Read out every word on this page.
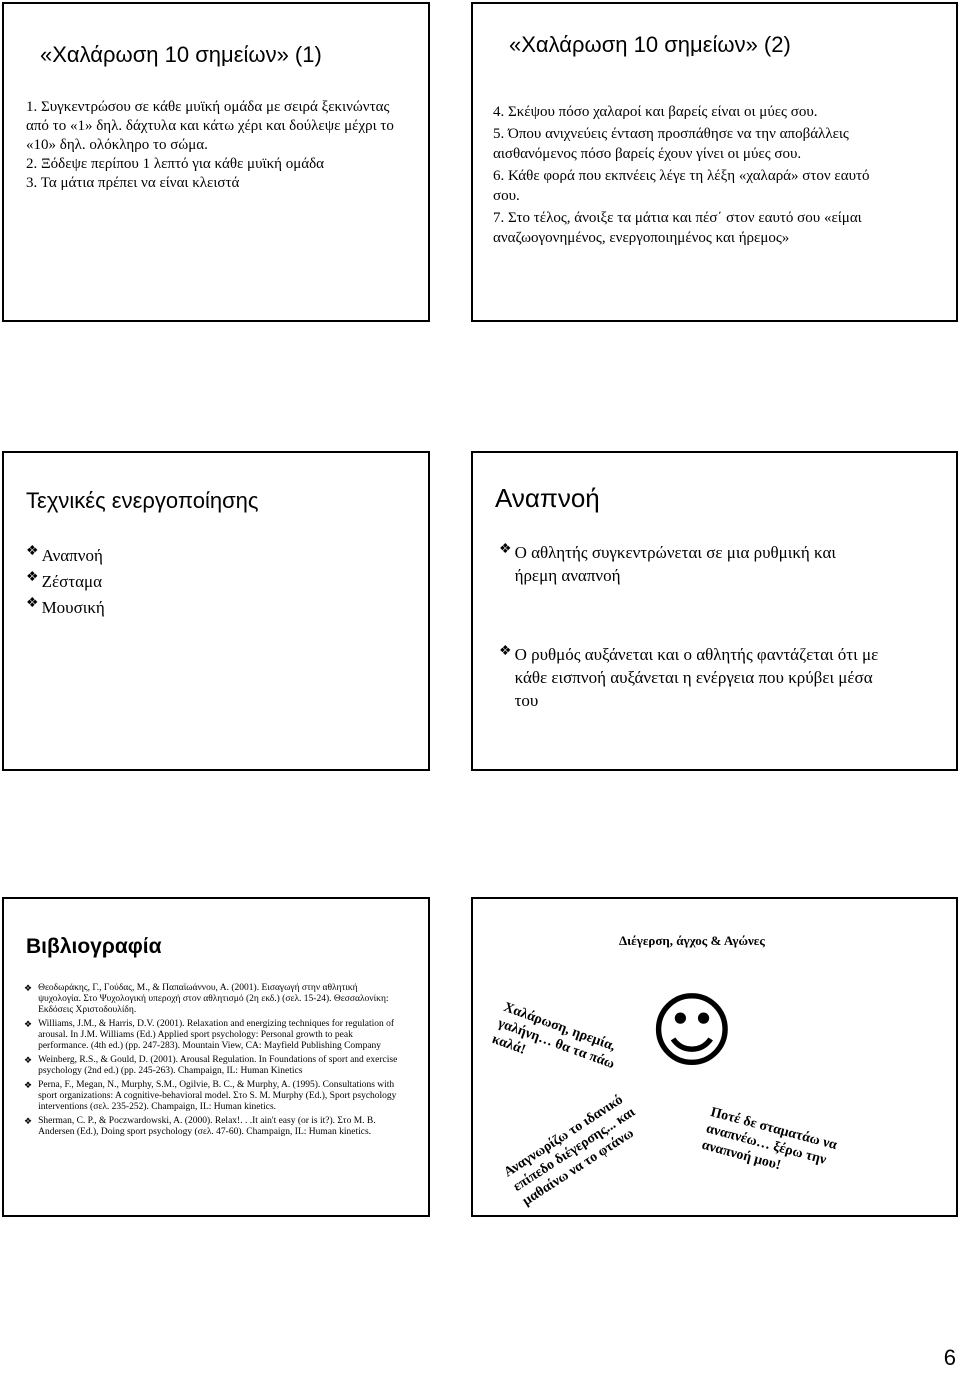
«Χαλάρωση 10 σημείων» (1)
1. Συγκεντρώσου σε κάθε μυϊκή ομάδα με σειρά ξεκινώντας από το «1» δηλ. δάχτυλα και κάτω χέρι και δούλεψε μέχρι το «10» δηλ. ολόκληρο το σώμα.
2. Ξόδεψε περίπου 1 λεπτό για κάθε μυϊκή ομάδα
3. Τα μάτια πρέπει να είναι κλειστά
«Χαλάρωση 10 σημείων» (2)
4. Σκέψου πόσο χαλαροί και βαρείς είναι οι μύες σου.
5. Όπου ανιχνεύεις ένταση προσπάθησε να την αποβάλλεις αισθανόμενος πόσο βαρείς έχουν γίνει οι μύες σου.
6. Κάθε φορά που εκπνέεις λέγε τη λέξη «χαλαρά» στον εαυτό σου.
7. Στο τέλος, άνοιξε τα μάτια και πέσ΄ στον εαυτό σου «είμαι αναζωογονημένος, ενεργοποιημένος και ήρεμος»
Τεχνικές ενεργοποίησης
❖ Αναπνοή
❖ Ζέσταμα
❖ Μουσική
Αναπνοή
❖ Ο αθλητής συγκεντρώνεται σε μια ρυθμική και ήρεμη αναπνοή
❖ Ο ρυθμός αυξάνεται και ο αθλητής φαντάζεται ότι με κάθε εισπνοή αυξάνεται η ενέργεια που κρύβει μέσα του
Βιβλιογραφία
❖ Θεοδωράκης, Γ., Γούδας, Μ., & Παπαϊωάννου, Α. (2001). Εισαγωγή στην αθλητική ψυχολογία. Στο Ψυχολογική υπεροχή στον αθλητισμό (2η εκδ.) (σελ. 15-24). Θεσσαλονίκη: Εκδόσεις Χριστοδουλίδη.
❖ Williams, J.M., & Harris, D.V. (2001). Relaxation and energizing techniques for regulation of arousal. In J.M. Williams (Ed.) Applied sport psychology: Personal growth to peak performance. (4th ed.) (pp. 247-283). Mountain View, CA: Mayfield Publishing Company
❖ Weinberg, R.S., & Gould, D. (2001). Arousal Regulation. In Foundations of sport and exercise psychology (2nd ed.) (pp. 245-263). Champaign, IL: Human Kinetics
❖ Perna, F., Megan, N., Murphy, S.M., Ogilvie, B. C., & Murphy, A. (1995). Consultations with sport organizations: A cognitive-behavioral model. Στο S. M. Murphy (Ed.), Sport psychology interventions (σελ. 235-252). Champaign, IL: Human kinetics.
❖ Sherman, C. P., & Poczwardowski, A. (2000). Relax!. . .It ain't easy (or is it?). Στο M. B. Andersen (Ed.), Doing sport psychology (σελ. 47-60). Champaign, IL: Human kinetics.
Διέγερση, άγχος & Αγώνες
Χαλάρωση, ηρεμία,
γαλήνη… θα τα πάω
καλά!
Αναγνωρίζω το ιδανικό
επίπεδο διέγερσης... και
μαθαίνω να το φτάνω	Ποτέ δε σταματάω να
αναπνέω… ξέρω την
αναπνοή μου!
☺
6
